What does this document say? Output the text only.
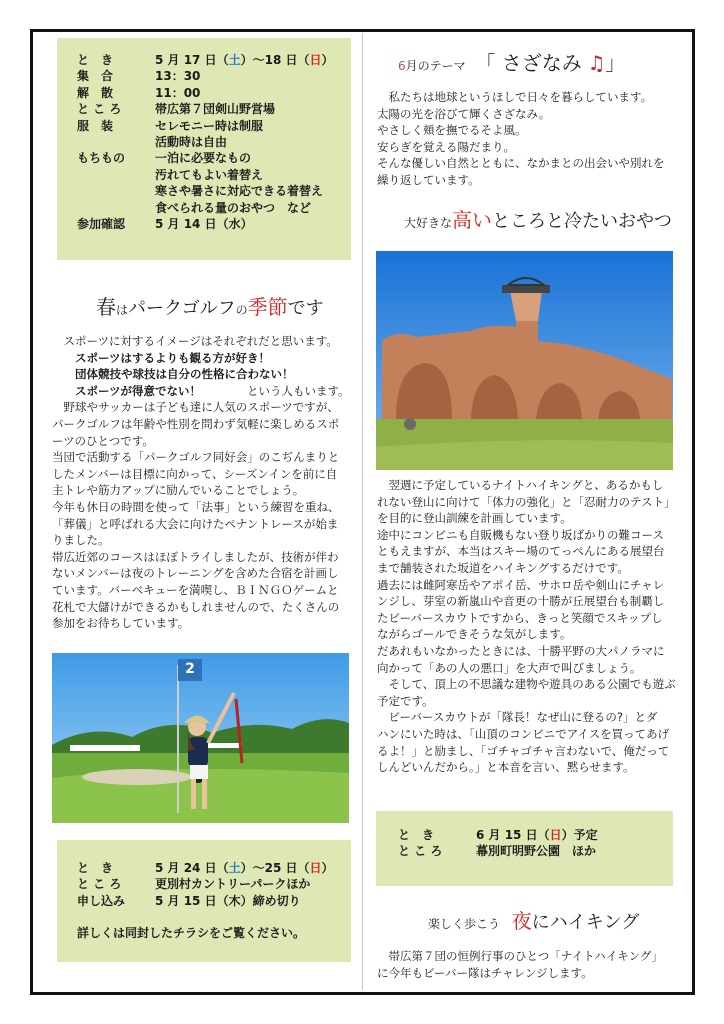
と　き	5 月 17 日（ 土 ）～18 日（ 日 ）
集　合	13：30
解　散	11：00
と こ ろ	帯広第７団剣山野営場
服　装	セレモニー時は制服
活動時は自由
もちもの	一泊に必要なもの
汚れてもよい着替え
寒さや暑さに対応できる着替え
食べられる量のおやつ　など
参加確認	5 月 14 日（水）
春はパークゴルフの季節です

　スポーツに対するイメージはそれぞれだと思います。

　　スポーツはするよりも観る方が好き！

　　団体競技や球技は自分の性格に合わない！

　　スポーツが得意でない！　　　　という人もいます。

　野球やサッカーは子ども達に人気のスポーツですが、

パークゴルフは年齢や性別を問わず気軽に楽しめるスポ

ーツのひとつです。

当団で活動する「パークゴルフ同好会」のこぢんまりと

したメンバーは目標に向かって、シーズンインを前に自

主トレや筋力アップに励んでいることでしょう。

今年も休日の時間を使って「法事」という練習を重ね、

「葬儀」と呼ばれる大会に向けたペナントレースが始ま

りました。

帯広近郊のコースはほぼトライしましたが、技術が伴わ

ないメンバーは夜のトレーニングを含めた合宿を計画し

ています。バーベキューを満喫し、ＢＩＮＧＯゲームと

花札で大儲けができるかもしれませんので、たくさんの

参加をお待ちしています。

2
と　き	5 月 24 日（ 土 ）～25 日（ 日 ）
と こ ろ	更別村カントリーパークほか
申し込み	5 月 15 日（木）締め切り
詳しくは同封したチラシをご覧ください。
6月のテーマ 「 さざなみ ♫」

　私たちは地球というほしで日々を暮らしています。

太陽の光を浴びて輝くさざなみ。

やさしく頬を撫でるそよ風。

安らぎを覚える陽だまり。

そんな優しい自然とともに、なかまとの出会いや別れを

繰り返しています。

大好きな高いところと冷たいおやつ

　翌週に予定しているナイトハイキングと、あるかもし

れない登山に向けて「体力の強化」と「忍耐力のテスト」

を目的に登山訓練を計画しています。

途中にコンビニも自販機もない登り坂ばかりの難コース

ともえますが、本当はスキー場のてっぺんにある展望台

まで舗装された坂道をハイキングするだけです。

過去には雌阿寒岳やアポイ岳、サホロ岳や剣山にチャレ

ンジし、芽室の新嵐山や音更の十勝が丘展望台も制覇し

たビーバースカウトですから、きっと笑顔でスキップし

ながらゴールできそうな気がします。

だあれもいなかったときには、十勝平野の大パノラマに

向かって「あの人の悪口」を大声で叫びましょう。

　そして、頂上の不思議な建物や遊具のある公園でも遊ぶ

予定です。

　ビーバースカウトが「隊長！なぜ山に登るの?」とダ

ハンにいた時は、「山頂のコンビニでアイスを買ってあげ

るよ！」と励まし、「ゴチャゴチャ言わないで、俺だって

しんどいんだから。」と本音を言い、黙らせます。

と　き	6 月 15 日（ 日 ）予定
と こ ろ	幕別町明野公園　ほか
楽しく歩こう 夜にハイキング

　帯広第７団の恒例行事のひとつ「ナイトハイキング」

に今年もビーバー隊はチャレンジします。
